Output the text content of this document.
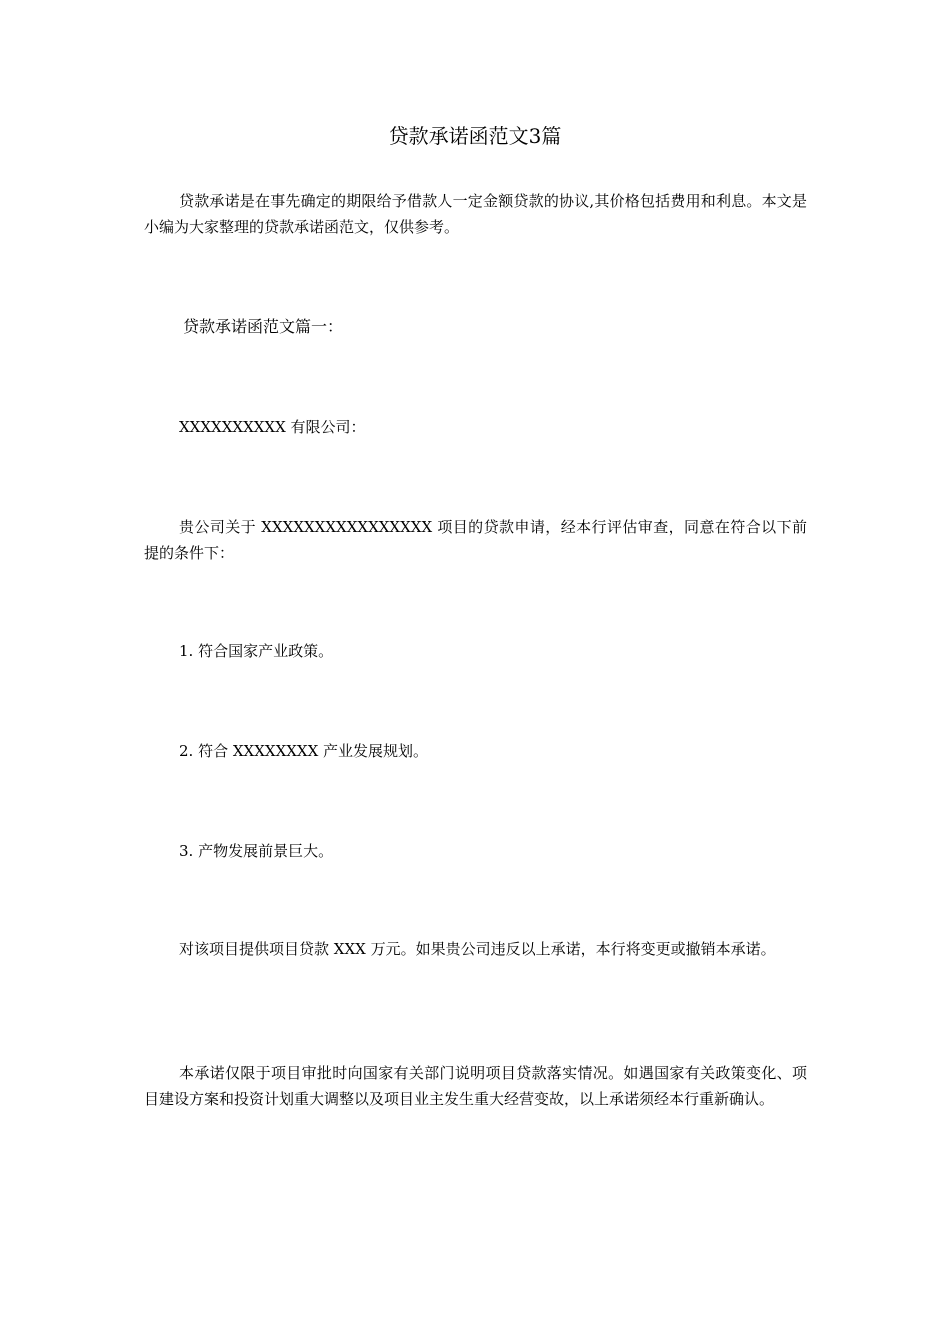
贷款承诺函范文3篇

贷款承诺是在事先确定的期限给予借款人一定金额贷款的协议,其价格包括费用和利息。本文是小编为大家整理的贷款承诺函范文，仅供参考。

贷款承诺函范文篇一：

XXXXXXXXXX 有限公司：

贵公司关于 XXXXXXXXXXXXXXXX 项目的贷款申请，经本行评估审查，同意在符合以下前提的条件下：

1. 符合国家产业政策。

2. 符合 XXXXXXXX 产业发展规划。

3. 产物发展前景巨大。

对该项目提供项目贷款 XXX 万元。如果贵公司违反以上承诺，本行将变更或撤销本承诺。

本承诺仅限于项目审批时向国家有关部门说明项目贷款落实情况。如遇国家有关政策变化、项目建设方案和投资计划重大调整以及项目业主发生重大经营变故，以上承诺须经本行重新确认。
